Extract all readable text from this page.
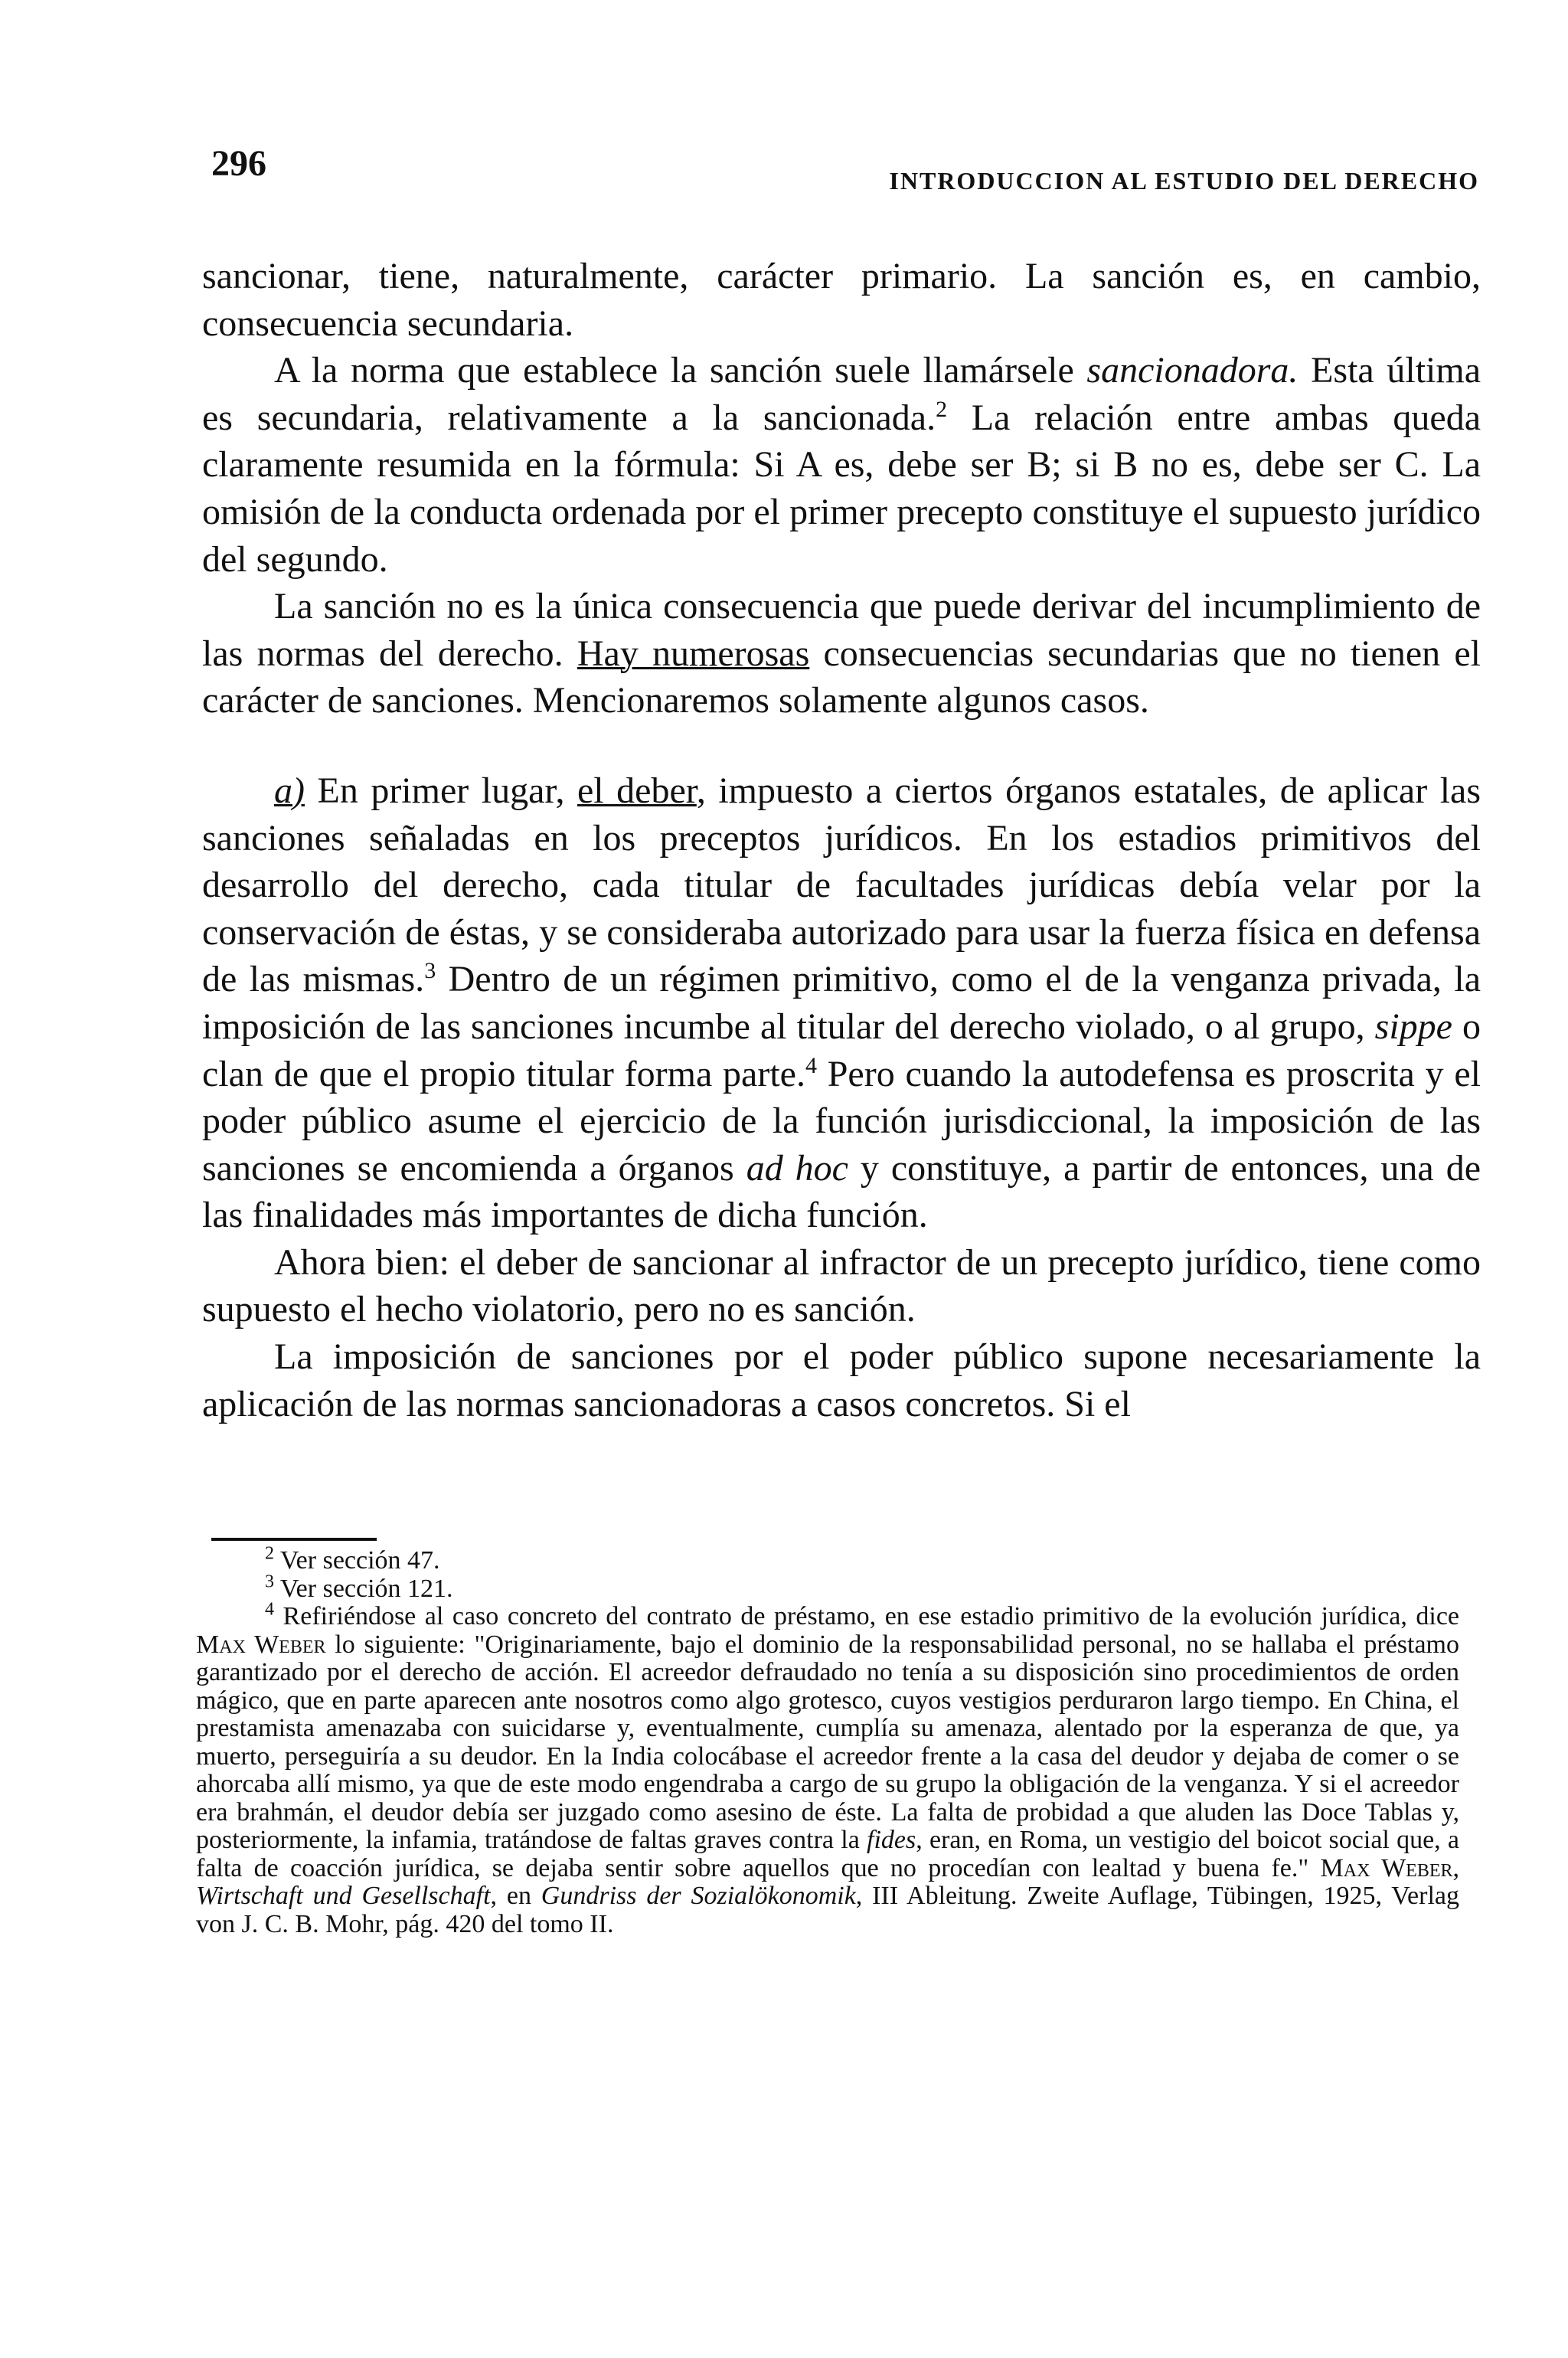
296	INTRODUCCION AL ESTUDIO DEL DERECHO

sancionar, tiene, naturalmente, carácter primario. La sanción es, en cambio, consecuencia secundaria.

A la norma que establece la sanción suele llamársele sancionadora. Esta última es secundaria, relativamente a la sancionada.$^2$ La relación entre ambas queda claramente resumida en la fórmula: Si A es, debe ser B; si B no es, debe ser C. La omisión de la conducta ordenada por el primer precepto constituye el supuesto jurídico del segundo.

La sanción no es la única consecuencia que puede derivar del incumplimiento de las normas del derecho. Hay numerosas consecuencias secundarias que no tienen el carácter de sanciones. Mencionaremos solamente algunos casos.

a) En primer lugar, el deber, impuesto a ciertos órganos estatales, de aplicar las sanciones señaladas en los preceptos jurídicos. En los estadios primitivos del desarrollo del derecho, cada titular de facultades jurídicas debía velar por la conservación de éstas, y se consideraba autorizado para usar la fuerza física en defensa de las mismas.$^3$ Dentro de un régimen primitivo, como el de la venganza privada, la imposición de las sanciones incumbe al titular del derecho violado, o al grupo, sippe o clan de que el propio titular forma parte.$^4$ Pero cuando la autodefensa es proscrita y el poder público asume el ejercicio de la función jurisdiccional, la imposición de las sanciones se encomienda a órganos ad hoc y constituye, a partir de entonces, una de las finalidades más importantes de dicha función.

Ahora bien: el deber de sancionar al infractor de un precepto jurídico, tiene como supuesto el hecho violatorio, pero no es sanción.

La imposición de sanciones por el poder público supone necesariamente la aplicación de las normas sancionadoras a casos concretos. Si el

$^2$ Ver sección 47.

$^3$ Ver sección 121.

$^4$ Refiriéndose al caso concreto del contrato de préstamo, en ese estadio primitivo de la evolución jurídica, dice Max Weber lo siguiente: "Originariamente, bajo el dominio de la responsabilidad personal, no se hallaba el préstamo garantizado por el derecho de acción. El acreedor defraudado no tenía a su disposición sino procedimientos de orden mágico, que en parte aparecen ante nosotros como algo grotesco, cuyos vestigios perduraron largo tiempo. En China, el prestamista amenazaba con suicidarse y, eventualmente, cumplía su amenaza, alentado por la esperanza de que, ya muerto, perseguiría a su deudor. En la India colocábase el acreedor frente a la casa del deudor y dejaba de comer o se ahorcaba allí mismo, ya que de este modo engendraba a cargo de su grupo la obligación de la venganza. Y si el acreedor era brahmán, el deudor debía ser juzgado como asesino de éste. La falta de probidad a que aluden las Doce Tablas y, posteriormente, la infamia, tratándose de faltas graves contra la fides, eran, en Roma, un vestigio del boicot social que, a falta de coacción jurídica, se dejaba sentir sobre aquellos que no procedían con lealtad y buena fe." Max Weber, Wirtschaft und Gesellschaft, en Gundriss der Sozialökonomik, III Ableitung. Zweite Auflage, Tübingen, 1925, Verlag von J. C. B. Mohr, pág. 420 del tomo II.
